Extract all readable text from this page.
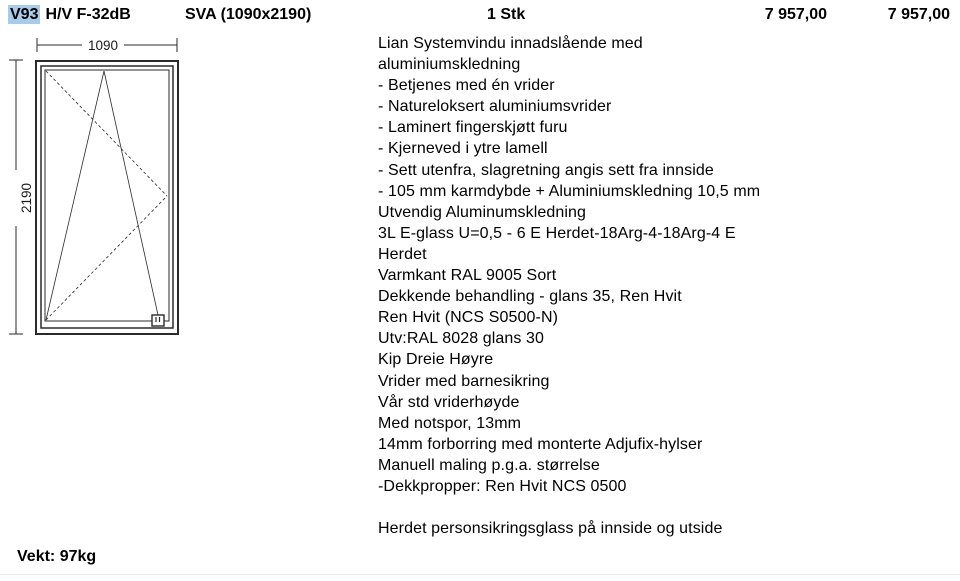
V93 H/V F-32dB	SVA (1090x2190)	1 Stk	7 957,00	7 957,00
1090
2190
Lian Systemvindu innadslående med
aluminiumskledning
- Betjenes med én vrider
- Natureloksert aluminiumsvrider
- Laminert fingerskjøtt furu
- Kjerneved i ytre lamell
- Sett utenfra, slagretning angis sett fra innside
- 105 mm karmdybde + Aluminiumskledning 10,5 mm
Utvendig Aluminumskledning
3L E-glass U=0,5 - 6 E Herdet-18Arg-4-18Arg-4 E
Herdet
Varmkant RAL 9005 Sort
Dekkende behandling - glans 35, Ren Hvit
Ren Hvit (NCS S0500-N)
Utv:RAL 8028 glans 30
Kip Dreie Høyre
Vrider med barnesikring
Vår std vriderhøyde
Med notspor, 13mm
14mm forborring med monterte Adjufix-hylser
Manuell maling p.g.a. størrelse
-Dekkpropper: Ren Hvit NCS 0500

Herdet personsikringsglass på innside og utside
Vekt: 97kg
